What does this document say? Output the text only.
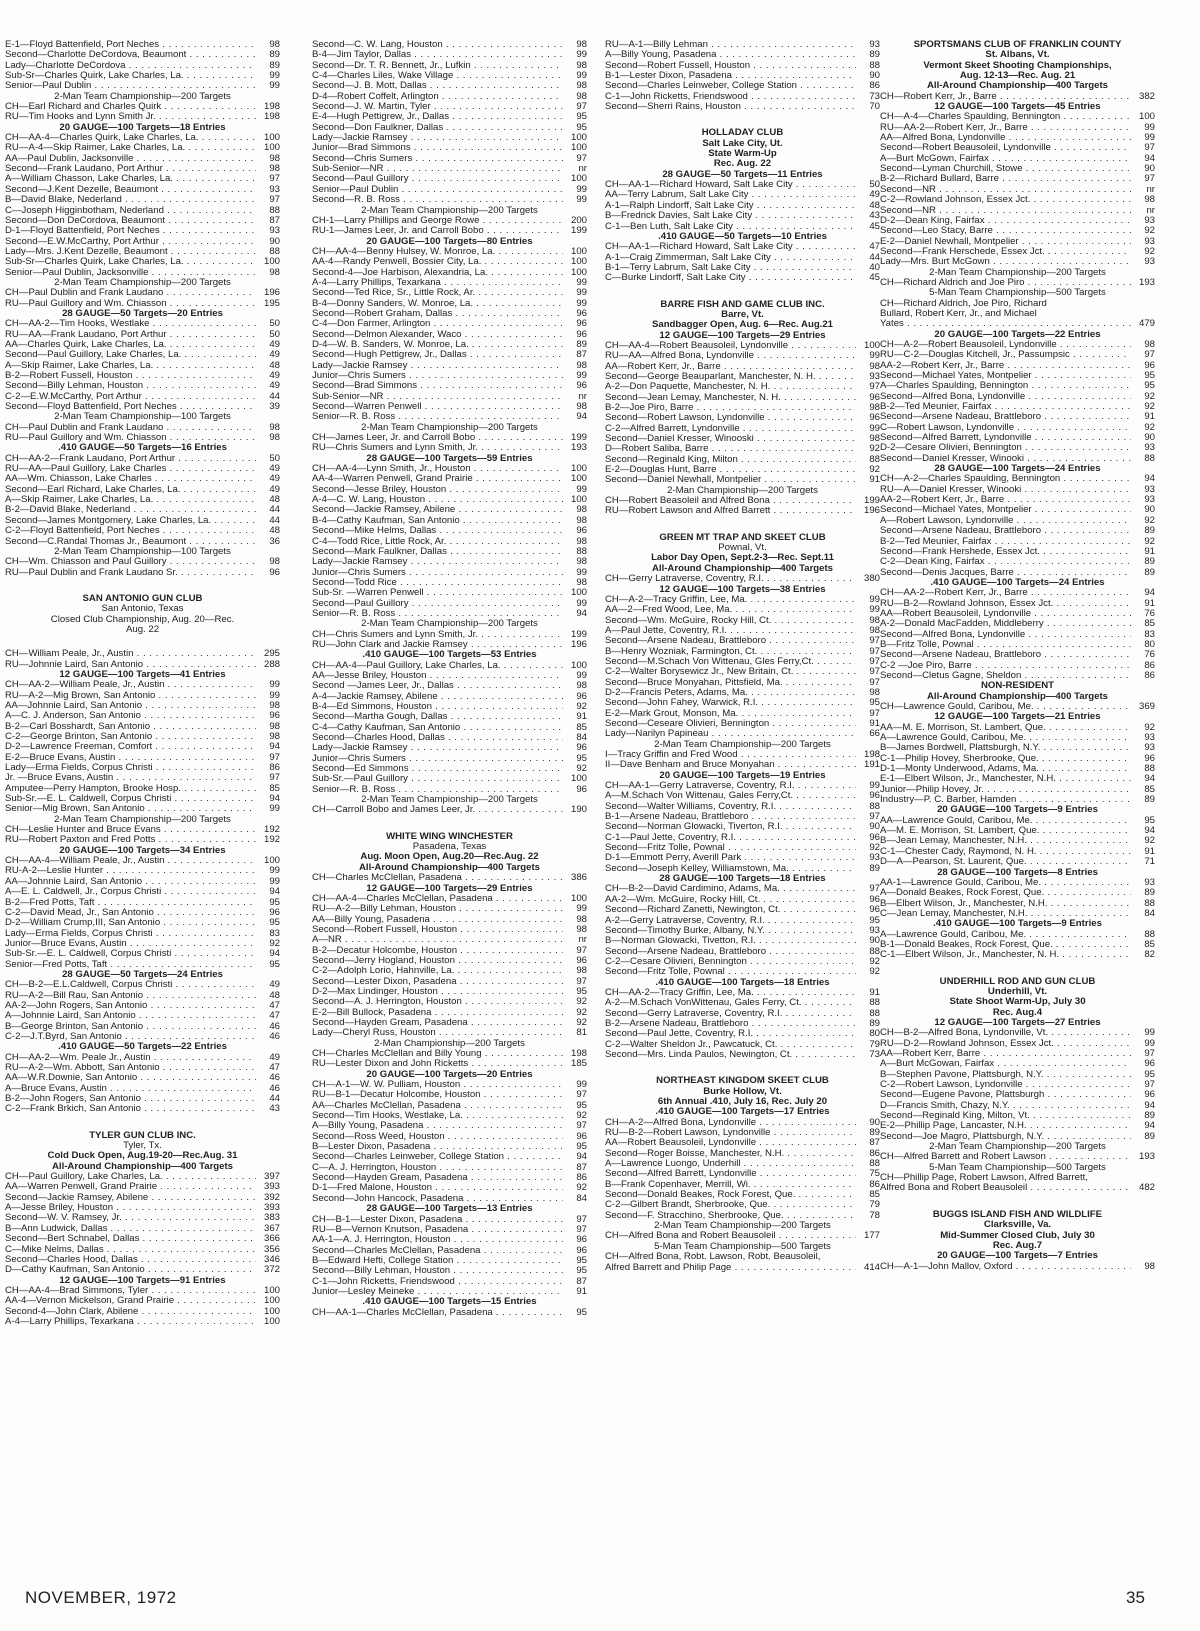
E-1—Floyd Battenfield, Port Neches . . .	98
Second—Charlotte DeCordova, Beaumont . . .	89
Lady—Charlotte DeCordova . . .	89
Sub-Sr—Charles Quirk, Lake Charles, La. . . .	99
Senior—Paul Dublin . . .	99
2-Man Team Championship—200 Targets
CH—Earl Richard and Charles Quirk . . .	198
RU—Tim Hooks and Lynn Smith Jr. . . .	198
20 GAUGE—100 Targets—18 Entries
CH—AA-4—Charles Quirk, Lake Charles, La. . . .	100
RU—A-4—Skip Raimer, Lake Charles, La. . . .	100
AA—Paul Dublin, Jacksonville . . .	98
Second—Frank Laudano, Port Arthur . . .	98
A—William Chasson, Lake Charles, La. . . .	97
Second—J.Kent Dezelle, Beaumont . . .	93
B—David Blake, Nederland . . .	97
C—Joseph Higginbotham, Nederland . . .	88
Second—Don DeCordova, Beaumont . . .	87
D-1—Floyd Battenfield, Port Neches . . .	93
Second—E.W.McCarthy, Port Arthur . . .	90
Lady—Mrs. J.Kent Dezelle, Beaumont . . .	88
Sub-Sr—Charles Quirk, Lake Charles, La. . . .	100
Senior—Paul Dublin, Jacksonville . . .	98
2-Man Team Championship—200 Targets
CH—Paul Dublin and Frank Laudano . . .	196
RU—Paul Guillory and Wm. Chiasson . . .	195
28 GAUGE—50 Targets—20 Entries
CH—AA-2—Tim Hooks, Westlake . . .	50
RU—AA—Frank Laudano, Port Arthur . . .	50
AA—Charles Quirk, Lake Charles, La. . . .	49
Second—Paul Guillory, Lake Charles, La. . . .	49
A—Skip Raimer, Lake Charles, La. . . .	48
B-2—Robert Fussell, Houston . . .	49
Second—Billy Lehman, Houston . . .	49
C-2—E.W.McCarthy, Port Arthur . . .	44
Second—Floyd Battenfield, Port Neches . . .	39
2-Man Team Championship—100 Targets
CH—Paul Dublin and Frank Laudano . . .	98
RU—Paul Guillory and Wm. Chiasson . . .	98
.410 GAUGE—50 Targets—16 Entries
CH—AA-2—Frank Laudano, Port Arthur . . .	50
RU—AA—Paul Guillory, Lake Charles . . .	49
AA—Wm. Chiasson, Lake Charles . . .	49
Second—Earl Richard, Lake Charles, La. . . .	49
A—Skip Raimer, Lake Charles, La. . . .	48
B-2—David Blake, Nederland . . .	44
Second—James Montgomery, Lake Charles, La. . . .	44
C-2—Floyd Battenfield, Port Neches . . .	48
Second—C.Randal Thomas Jr., Beaumont . . .	36
2-Man Team Championship—100 Targets
CH—Wm. Chiasson and Paul Guillory . . .	98
RU—Paul Dublin and Frank Laudano Sr. . . .	96
SAN ANTONIO GUN CLUB
San Antonio, Texas
Closed Club Championship, Aug. 20—Rec.
Aug. 22
CH—William Peale, Jr., Austin . . .	295
RU—Johnnie Laird, San Antonio . . .	288
12 GAUGE—100 Targets—41 Entries
CH—AA-2—William Peale, Jr., Austin . . .	99
RU—A-2—Mig Brown, San Antonio . . .	99
AA—Johnnie Laird, San Antonio . . .	98
A—C. J. Anderson, San Antonio . . .	96
B-2—Carl Bosshardt, San Antonio . . .	98
C-2—George Brinton, San Antonio . . .	98
D-2—Lawrence Freeman, Comfort . . .	94
E-2—Bruce Evans, Austin . . .	97
Lady—Erma Fields, Corpus Christi . . .	86
Jr. —Bruce Evans, Austin . . .	97
Amputee—Perry Hampton, Brooke Hosp. . . .	85
Sub-Sr.—E. L. Caldwell, Corpus Christi . . .	94
Senior—Mig Brown, San Antonio . . .	99
2-Man Team Championship—200 Targets
CH—Leslie Hunter and Bruce Evans . . .	192
RU—Robert Paxton and Fred Potts . . .	192
20 GAUGE—100 Targets—34 Entries
CH—AA-4—William Peale, Jr., Austin . . .	100
RU-A-2—Leslie Hunter . . .	99
AA—Johnnie Laird, San Antonio . . .	99
A—E. L. Caldwell, Jr., Corpus Christi . . .	94
B-2—Fred Potts, Taft . . .	95
C-2—David Mead, Jr., San Antonio . . .	96
D-2—William Crump,III, San Antonio . . .	95
Lady—Erma Fields, Corpus Christi . . .	83
Junior—Bruce Evans, Austin . . .	92
Sub-Sr.—E. L. Caldwell, Corpus Christi . . .	94
Senior—Fred Potts, Taft . . .	95
28 GAUGE—50 Targets—24 Entries
CH—B-2—E.L.Caldwell, Corpus Christi . . .	49
RU—A-2—Bill Rau, San Antonio . . .	48
AA-2—John Rogers, San Antonio . . .	47
A—Johnnie Laird, San Antonio . . .	47
B—George Brinton, San Antonio . . .	46
C-2—J.T.Byrd, San Antonio . . .	46
.410 GAUGE—50 Targets—22 Entries
CH—AA-2—Wm. Peale Jr., Austin . . .	49
RU—A-2—Wm. Abbott, San Antonio . . .	47
AA—W.R.Downie, San Antonio . . .	46
A—Bruce Evans, Austin . . .	46
B-2—John Rogers, San Antonio . . .	44
C-2—Frank Brkich, San Antonio . . .	43
TYLER GUN CLUB INC.
Tyler, Tx.
Cold Duck Open, Aug.19-20—Rec.Aug. 31
All-Around Championship—400 Targets
CH—Paul Guillory, Lake Charles, La. . . .	397
AA—Warren Penwell, Grand Prairie . . .	393
Second—Jackie Ramsey, Abilene . . .	392
A—Jesse Briley, Houston . . .	393
Second—W. V. Ramsey, Jr. . . .	383
B—Ann Ludwick, Dallas . . .	367
Second—Bert Schnabel, Dallas . . .	366
C—Mike Nelms, Dallas . . .	356
Second—Charles Hood, Dallas . . .	346
D—Cathy Kaufman, San Antonio . . .	372
12 GAUGE—100 Targets—91 Entries
CH—AA-4—Brad Simmons, Tyler . . .	100
AA-4—Vernon Mickelson, Grand Prairie . . .	100
Second-4—John Clark, Abilene . . .	100
A-4—Larry Phillips, Texarkana . . .	100
Second—C. W. Lang, Houston . . .	98
B-4—Jim Taylor, Dallas . . .	99
Second—Dr. T. R. Bennett, Jr., Lufkin . . .	98
C-4—Charles Liles, Wake Village . . .	99
Second—J. B. Mott, Dallas . . .	98
D-4—Robert Coffelt, Arlington . . .	98
Second—J. W. Martin, Tyler . . .	97
E-4—Hugh Pettigrew, Jr., Dallas . . .	95
Second—Don Faulkner, Dallas . . .	95
Lady—Jackie Ramsey . . .	100
Junior—Brad Simmons . . .	100
Second—Chris Sumers . . .	97
Sub-Senior—NR . . .	nr
Second—Paul Guillory . . .	100
Senior—Paul Dublin . . .	99
Second—R. B. Ross . . .	99
2-Man Team Championship—200 Targets
CH-1—Larry Phillips and George Rowe . . .	200
RU-1—James Leer, Jr. and Carroll Bobo . . .	199
20 GAUGE—100 Targets—80 Entries
CH—AA-4—Benny Hulsey, W. Monroe, La. . . .	100
AA-4—Randy Penwell, Bossier City, La. . . .	100
Second-4—Joe Harbison, Alexandria, La. . . .	100
A-4—Larry Phillips, Texarkana . . .	99
Second—Ted Rice, Sr., Little Rock, Ar. . . .	99
B-4—Donny Sanders, W. Monroe, La. . . .	99
Second—Robert Graham, Dallas . . .	96
C-4—Don Farmer, Arlington . . .	96
Second—Delmon Alexander, Waco . . .	96
D-4—W. B. Sanders, W. Monroe, La. . . .	89
Second—Hugh Pettigrew, Jr., Dallas . . .	87
Lady—Jackie Ramsey . . .	98
Junior—Chris Sumers . . .	99
Second—Brad Simmons . . .	96
Sub-Senior—NR . . .	nr
Second—Warren Penwell . . .	98
Senior—R. B. Ross . . .	94
2-Man Team Championship—200 Targets
CH—James Leer, Jr. and Carroll Bobo . . .	199
RU—Chris Sumers and Lynn Smith, Jr. . . .	193
28 GAUGE—100 Targets—59 Entries
CH—AA-4—Lynn Smith, Jr., Houston . . .	100
AA-4—Warren Penwell, Grand Prairie . . .	100
Second—Jesse Briley, Houston . . .	99
A-4—C. W. Lang, Houston . . .	100
Second—Jackie Ramsey, Abilene . . .	98
B-4—Cathy Kaufman, San Antonio . . .	98
Second—Mike Helms, Dallas . . .	96
C-4—Todd Rice, Little Rock, Ar. . . .	98
Second—Mark Faulkner, Dallas . . .	88
Lady—Jackie Ramsey . . .	98
Junior—Chris Sumers . . .	99
Second—Todd Rice . . .	98
Sub-Sr. —Warren Penwell . . .	100
Second—Paul Guillory . . .	99
Senior—R. B. Ross . . .	94
2-Man Team Championship—200 Targets
CH—Chris Sumers and Lynn Smith, Jr. . . .	199
RU—John Clark and Jackie Ramsey . . .	196
.410 GAUGE—100 Targets—53 Entries
CH—AA-4—Paul Guillory, Lake Charles, La. . . .	100
AA—Jesse Briley, Houston . . .	99
Second —James Leer, Jr., Dallas . . .	98
A-4—Jackie Ramsey, Abilene . . .	96
B-4—Ed Simmons, Houston . . .	92
Second—Martha Gough, Dallas . . .	91
C-4—Cathy Kaufman, San Antonio . . .	85
Second—Charles Hood, Dallas . . .	84
Lady—Jackie Ramsey . . .	96
Junior—Chris Sumers . . .	95
Second—Ed Simmons . . .	92
Sub-Sr.—Paul Guillory . . .	100
Senior—R. B. Ross . . .	96
2-Man Team Championship—200 Targets
CH—Carroll Bobo and James Leer, Jr. . . .	190
WHITE WING WINCHESTER
Pasadena, Texas
Aug. Moon Open, Aug.20—Rec.Aug. 22
All-Around Championship—400 Targets
CH—Charles McClellan, Pasadena . . .	386
12 GAUGE—100 Targets—29 Entries
CH—AA-4—Charles McClellan, Pasadena . . .	100
RU—A-2—Billy Lehman, Houston . . .	99
AA—Billy Young, Pasadena . . .	98
Second—Robert Fussell, Houston . . .	98
A—NR . . .	nr
B-2—Decatur Holcombe, Houston . . .	97
Second—Jerry Hogland, Houston . . .	96
C-2—Adolph Lorio, Hahnville, La. . . .	98
Second—Lester Dixon, Pasadena . . .	97
D-2—Max Lindinger, Houston . . .	95
Second—A. J. Herrington, Houston . . .	92
E-2—Bill Bullock, Pasadena . . .	92
Second—Hayden Gream, Pasadena . . .	92
Lady—Cheryl Russ, Houston . . .	81
2-Man Championship—200 Targets
CH—Charles McClellan and Billy Young . . .	198
RU—Lester Dixon and John Ricketts . . .	185
20 GAUGE—100 Targets—20 Entries
CH—A-1—W. W. Pulliam, Houston . . .	99
RU—B-1—Decatur Holcombe, Houston . . .	97
AA—Charles McClellan, Pasadena . . .	95
Second—Tim Hooks, Westlake, La. . . .	92
A—Billy Young, Pasadena . . .	97
Second—Ross Weed, Houston . . .	96
B—Lester Dixon, Pasadena . . .	95
Second—Charles Leinweber, College Station . . .	94
C—A. J. Herrington, Houston . . .	87
Second—Hayden Gream, Pasadena . . .	86
D-1—Fred Malone, Houston . . .	92
Second—John Hancock, Pasadena . . .	84
28 GAUGE—100 Targets—13 Entries
CH—B-1—Lester Dixon, Pasadena . . .	97
RU—B—Vernon Knutson, Pasadena . . .	97
AA-1—A. J. Herrington, Houston . . .	96
Second—Charles McClellan, Pasadena . . .	96
B—Edward Hefti, College Station . . .	95
Second—Billy Lehman, Houston . . .	95
C-1—John Ricketts, Friendswood . . .	87
Junior—Lesley Meineke . . .	91
.410 GAUGE—100 Targets—15 Entries
CH—AA-1—Charles McClellan, Pasadena . . .	95
RU—A-1—Billy Lehman . . .	93
A—Billy Young, Pasadena . . .	89
Second—Robert Fussell, Houston . . .	88
B-1—Lester Dixon, Pasadena . . .	90
Second—Charles Leinweber, College Station . . .	86
C-1—John Ricketts, Friendswood . . .	73
Second—Sherri Rains, Houston . . .	70
HOLLADAY CLUB
Salt Lake City, Ut.
State Warm-Up
Rec. Aug. 22
28 GAUGE—50 Targets—11 Entries
CH—AA-1—Richard Howard, Salt Lake City . . .	50
AA—Terry Labrum, Salt Lake City . . .	49
A-1—Ralph Lindorff, Salt Lake City . . .	48
B—Fredrick Davies, Salt Lake City . . .	43
C-1—Ben Luth, Salt Lake City . . .	45
.410 GAUGE—50 Targets—10 Entries
CH—AA-1—Richard Howard, Salt Lake City . . .	47
A-1—Craig Zimmerman, Salt Lake City . . .	44
B-1—Terry Labrum, Salt Lake City . . .	40
C—Burke Lindorff, Salt Lake City . . .	45
BARRE FISH AND GAME CLUB INC.
Barre, Vt.
Sandbagger Open, Aug. 6—Rec. Aug.21
12 GAUGE—100 Targets—29 Entries
CH—AA-4—Robert Beausoleil, Lyndonville . . .	100
RU—AA—Alfred Bona, Lyndonville . . .	99
AA—Robert Kerr, Jr., Barre . . .	98
Second—George Beauparlant, Manchester, N. H. . . .	93
A-2—Don Paquette, Manchester, N. H. . . .	97
Second—Jean Lemay, Manchester, N. H. . . .	96
B-2—Joe Piro, Barre . . .	98
Second—Robert Lawson, Lyndonville . . .	96
C-2—Alfred Barrett, Lyndonville . . .	99
Second—Daniel Kresser, Winooski . . .	98
D—Robert Saliba, Barre . . .	92
Second—Reginald King, Milton . . .	88
E-2—Douglas Hunt, Barre . . .	92
Second—Daniel Newhall, Montpelier . . .	91
2-Man Championship—200 Targets
CH—Robert Beasoleil and Alfred Bona . . .	199
RU—Robert Lawson and Alfred Barrett . . .	196
GREEN MT TRAP AND SKEET CLUB
Pownal, Vt.
Labor Day Open, Sept.2-3—Rec. Sept.11
All-Around Championship—400 Targets
CH—Gerry Latraverse, Coventry, R.I. . . .	380
12 GAUGE—100 Targets—38 Entries
CH—A-2—Tracy Griffin, Lee, Ma. . . .	99
AA—2—Fred Wood, Lee, Ma. . . .	99
Second—Wm. McGuire, Rocky Hill, Ct. . . .	98
A—Paul Jette, Coventry, R.I. . . .	98
Second—Arsene Nadeau, Brattleboro . . .	97
B—Henry Wozniak, Farmington, Ct. . . .	97
Second—M.Schach Von Wittenau, Gles Ferry,Ct. . . .	97
C-2—Walter Borysewicz Jr., New Britain, Ct. . . .	97
Second—Bruce Monyahan, Pittsfield, Ma. . . .	97
D-2—Francis Peters, Adams, Ma. . . .	98
Second—John Fahey, Warwick, R.I. . . .	95
E-2—Mark Grout, Monson, Ma. . . .	97
Second—Ceseare Olivieri, Bennington . . .	91
Lady—Narilyn Papineau . . .	66
2-Man Team Championship—200 Targets
I—Tracy Griffin and Fred Wood . . .	198
II—Dave Benham and Bruce Monyahan . . .	191
20 GAUGE—100 Targets—19 Entries
CH—AA-1—Gerry Latraverse, Coventry, R.I. . . .	99
A—M.Schach Von Wittenau, Gales Ferry,Ct. . . .	96
Second—Walter Williams, Coventry, R.I. . . .	88
B-1—Arsene Nadeau, Brattleboro . . .	97
Second—Norman Glowacki, Tiverton, R.I. . . .	90
C-1—Paul Jette, Coventry, R.I. . . .	96
Second—Fritz Tolle, Pownal . . .	92
D-1—Emmott Perry, Averill Park . . .	93
Second—Joseph Kelley, Williamstown, Ma. . . .	89
28 GAUGE—100 Targets—18 Entries
CH—B-2—David Cardimino, Adams, Ma. . . .	97
AA-2—Wm. McGuire, Rocky Hill, Ct. . . .	96
Second—Richard Zanetti, Newington, Ct. . . .	96
A-2—Gerry Latraverse, Coventry, R.I. . . .	95
Second—Timothy Burke, Albany, N.Y. . . .	93
B—Norman Glowacki, Tivetton, R.I. . . .	90
Second—Arsene Nadeau, Brattleboro . . .	88
C-2—Cesare Olivieri, Bennington . . .	92
Second—Fritz Tolle, Pownal . . .	92
.410 GAUGE—100 Targets—18 Entries
CH—AA-2—Tracy Griffin, Lee, Ma. . . .	91
A-2—M.Schach VonWittenau, Gales Ferry, Ct. . . .	88
Second—Gerry Latraverse, Coventry, R.I. . . .	88
B-2—Arsene Nadeau, Brattleboro . . .	89
Second—Paul Jette, Coventry, R.I. . . .	80
C-2—Walter Sheldon Jr., Pawcatuck, Ct. . . .	79
Second—Mrs. Linda Paulos, Newington, Ct. . . .	73
NORTHEAST KINGDOM SKEET CLUB
Burke Hollow, Vt.
6th Annual .410, July 16, Rec. July 20
.410 GAUGE—100 Targets—17 Entries
CH—A-2—Alfred Bona, Lyndonville . . .	90
RU—B-2—Robert Lawson, Lyndonville . . .	89
AA—Robert Beausoleil, Lyndonville . . .	87
Second—Roger Boisse, Manchester, N.H. . . .	86
A—Lawrence Luongo, Underhill . . .	88
Second—Alfred Barrett, Lyndonville . . .	75
B—Frank Copenhaver, Merrill, Wi. . . .	86
Second—Donald Beakes, Rock Forest, Que. . . .	85
C-2—Gilbert Brandt, Sherbrooke, Que. . . .	79
Second—F. Stracchino, Sherbrooke, Que. . . .	78
2-Man Team Championship—200 Targets
CH—Alfred Bona and Robert Beausoleil . . .	177
5-Man Team Championship—500 Targets
CH—Alfred Bona, Robt. Lawson, Robt. Beausoleil,
Alfred Barrett and Philip Page . . .	414
SPORTSMANS CLUB OF FRANKLIN COUNTY
St. Albans, Vt.
Vermont Skeet Shooting Championships,
Aug. 12-13—Rec. Aug. 21
All-Around Championship—400 Targets
CH—Robert Kerr, Jr., Barre . . .	382
12 GAUGE—100 Targets—45 Entries
CH—A-4—Charles Spaulding, Bennington . . .	100
RU—AA-2—Robert Kerr, Jr., Barre . . .	99
AA—Alfred Bona, Lyndonville . . .	99
Second—Robert Beausoleil, Lyndonville . . .	97
A—Burt McGown, Fairfax . . .	94
Second—Lyman Churchill, Stowe . . .	90
B-2—Richard Bullard, Barre . . .	97
Second—NR . . .	nr
C-2—Rowland Johnson, Essex Jct. . . .	98
Second—NR . . .	nr
D-2—Dean King, Fairfax . . .	93
Second—Leo Stacy, Barre . . .	92
E-2—Daniel Newhall, Montpelier . . .	93
Second—Frank Herschede, Essex Jct. . . .	92
Lady—Mrs. Burt McGown . . .	93
2-Man Team Championship—200 Targets
CH—Richard Aldrich and Joe Piro . . .	193
5-Man Team Championship—500 Targets
CH—Richard Aldrich, Joe Piro, Richard
Bullard, Robert Kerr, Jr., and Michael
Yates . . .	479
20 GAUGE—100 Targets—22 Entries
CH—A-2—Robert Beausoleil, Lyndonville . . .	98
RU—C-2—Douglas Kitchell, Jr., Passumpsic . . .	97
AA-2—Robert Kerr, Jr., Barre . . .	96
Second—Michael Yates, Montpelier . . .	95
A—Charles Spaulding, Bennington . . .	95
Second—Alfred Bona, Lyndonville . . .	92
B-2—Ted Meunier, Fairfax . . .	92
Second—Arsene Nadeau, Brattleboro . . .	91
C—Robert Lawson, Lyndonville . . .	92
Second—Alfred Barrett, Lyndonville . . .	90
D-2—Cesare Olivieri, Bennington . . .	93
Second—Daniel Kresser, Winooki . . .	88
28 GAUGE—100 Targets—24 Entries
CH—A-2—Charles Spaulding, Bennington . . .	94
RU—A—Daniel Kresser, Winooki . . .	93
AA-2—Robert Kerr, Jr., Barre . . .	93
Second—Michael Yates, Montpelier . . .	90
A—Robert Lawson, Lyndonville . . .	92
Second—Arsene Nadeau, Brattleboro . . .	89
B-2—Ted Meunier, Fairfax . . .	92
Second—Frank Hershede, Essex Jct. . . .	91
C-2—Dean King, Fairfax . . .	89
Second—Denis Jacques, Barre . . .	89
.410 GAUGE—100 Targets—24 Entries
CH—AA-2—Robert Kerr, Jr., Barre . . .	94
RU—B-2—Rowland Johnson, Essex Jct. . . .	91
AA—Robert Beausoleil, Lyndonville . . .	76
A-2—Donald MacFadden, Middleberry . . .	85
Second—Alfred Bona, Lyndonville . . .	83
B—Fritz Tolle, Pownal . . .	80
Second—Arsene Nadeau, Brattleboro . . .	76
C-2 —Joe Piro, Barre . . .	86
Second—Cletus Gagne, Sheldon . . .	86
NON-RESIDENT
All-Around Championship—400 Targets
CH—Lawrence Gould, Caribou, Me. . . .	369
12 GAUGE—100 Targets—21 Entries
AA—M. E. Morrison, St. Lambert, Que. . . .	92
A—Lawrence Gould, Caribou, Me. . . .	93
B—James Bordwell, Plattsburgh, N.Y. . . .	93
C-1—Philip Hovey, Sherbrooke, Que. . . .	96
D-1—Monty Underwood, Adams, Ma. . . .	88
E-1—Elbert Wilson, Jr., Manchester, N.H. . . .	94
Junior—Philip Hovey, Jr. . . .	85
Industry—P. C. Barber, Hamden . . .	89
20 GAUGE—100 Targets—9 Entries
AA—Lawrence Gould, Caribou, Me. . . .	95
A—M. E. Morrison, St. Lambert, Que. . . .	94
B—Jean Lemay, Manchester, N.H. . . .	92
C-1—Chester Cady, Raymond, N. H. . . .	91
D—A—Pearson, St. Laurent, Que. . . .	71
28 GAUGE—100 Targets—8 Entries
AA-1—Lawrence Gould, Caribou, Me. . . .	93
A—Donald Beakes, Rock Forest, Que. . . .	89
B—Elbert Wilson, Jr., Manchester, N.H. . . .	88
C—Jean Lemay, Manchester, N.H. . . .	84
.410 GAUGE—100 Targets—9 Entries
A—Lawrence Gould, Caribou, Me. . . .	88
B-1—Donald Beakes, Rock Forest, Que. . . .	85
C-1—Elbert Wilson, Jr., Manchester, N. H. . . .	82
UNDERHILL ROD AND GUN CLUB
Underhill, Vt.
State Shoot Warm-Up, July 30
Rec. Aug.4
12 GAUGE—100 Targets—27 Entries
CH—B-2—Alfred Bona, Lyndonville, Vt. . . .	99
RU—D-2—Rowland Johnson, Essex Jct. . . .	99
AA—Robert Kerr, Barre . . .	97
A—Burt McGowan, Fairfax . . .	96
B—Stephen Pavone, Plattsburgh, N.Y. . . .	95
C-2—Robert Lawson, Lyndonville . . .	97
Second—Eugene Pavone, Plattsburgh . . .	96
D—Francis Smith, Chazy, N.Y. . . .	94
Second—Reginald King, Milton, Vt. . . .	89
E-2—Phillip Page, Lancaster, N.H. . . .	94
Second—Joe Magro, Plattsburgh, N.Y. . . .	89
2-Man Team Championship—200 Targets
CH—Alfred Barrett and Robert Lawson . . .	193
5-Man Team Championship—500 Targets
CH—Phillip Page, Robert Lawson, Alfred Barrett,
Alfred Bona and Robert Beausoleil . . .	482
BUGGS ISLAND FISH AND WILDLIFE
Clarksville, Va.
Mid-Summer Closed Club, July 30
Rec. Aug.7
20 GAUGE—100 Targets—7 Entries
CH—A-1—John Mallov, Oxford . . .	98
NOVEMBER, 1972	35
